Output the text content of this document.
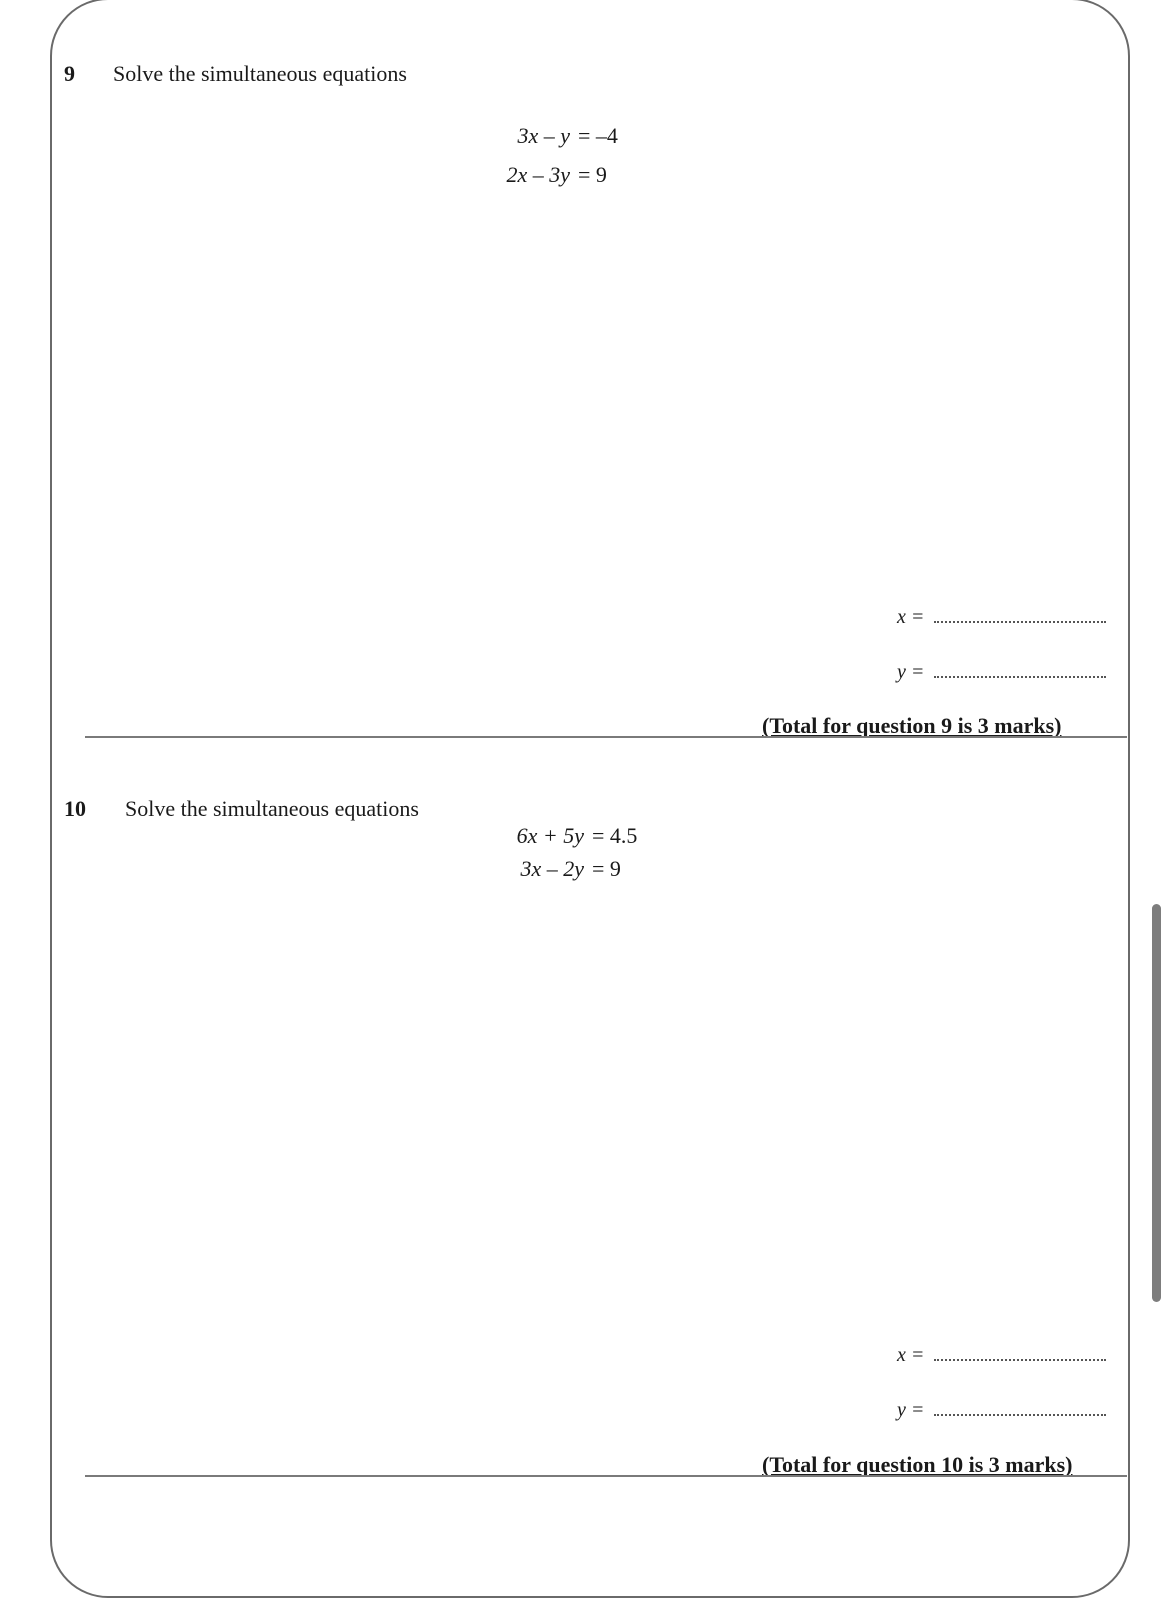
9 Solve the simultaneous equations
3x – y = –4
2x – 3y = 9
x =
y =
(Total for question 9 is 3 marks)
10 Solve the simultaneous equations
6x + 5y = 4.5
3x – 2y = 9
x =
y =
(Total for question 10 is 3 marks)
